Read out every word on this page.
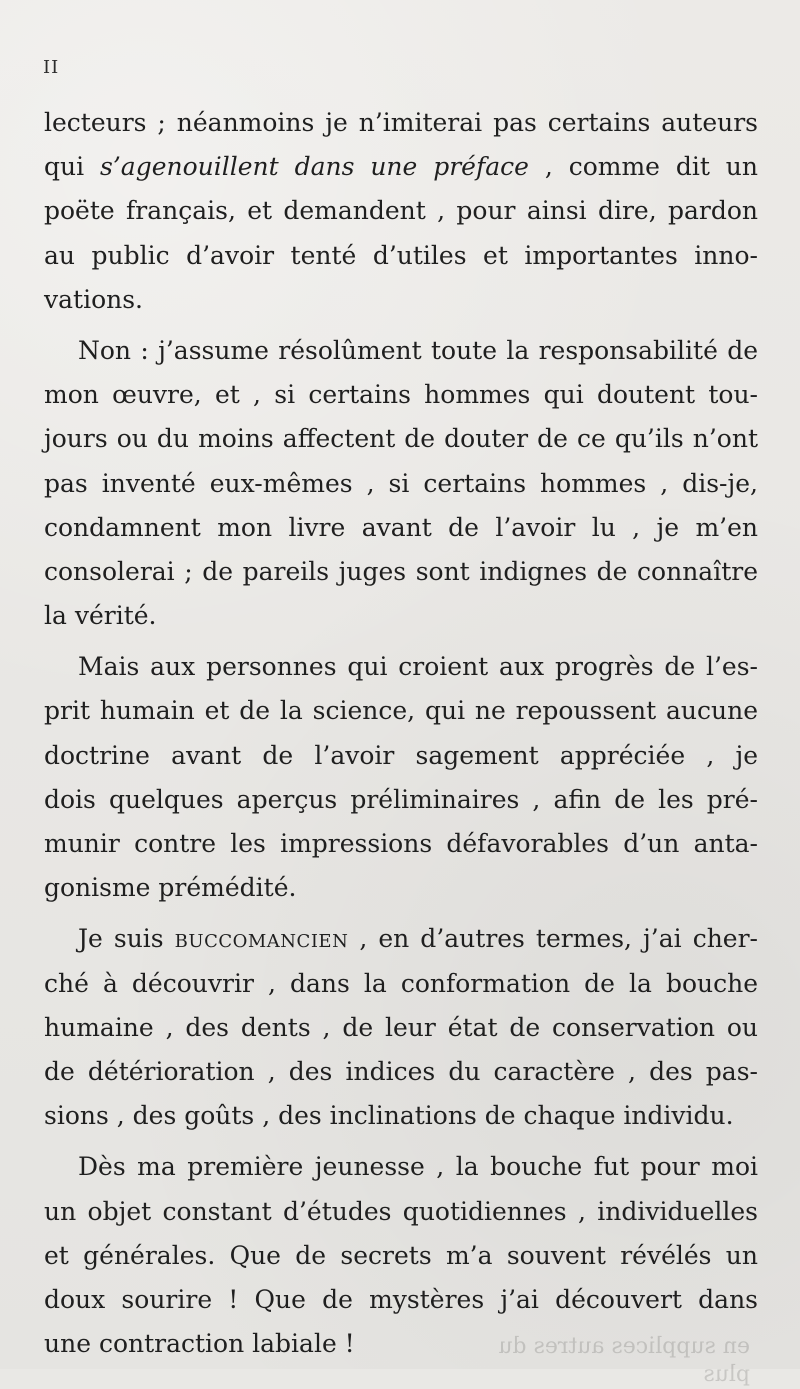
II
lecteurs ; néanmoins je n’imiterai pas certains auteurs
qui s’agenouillent dans une préface , comme dit un
poëte français, et demandent , pour ainsi dire, pardon
au public d’avoir tenté d’utiles et importantes inno-
vations.
Non : j’assume résolûment toute la responsabilité de
mon œuvre, et , si certains hommes qui doutent tou-
jours ou du moins affectent de douter de ce qu’ils n’ont
pas inventé eux-mêmes , si certains hommes , dis-je,
condamnent mon livre avant de l’avoir lu , je m’en
consolerai ; de pareils juges sont indignes de connaître
la vérité.
Mais aux personnes qui croient aux progrès de l’es-
prit humain et de la science, qui ne repoussent aucune
doctrine avant de l’avoir sagement appréciée , je
dois quelques aperçus préliminaires , afin de les pré-
munir contre les impressions défavorables d’un anta-
gonisme prémédité.
Je suis buccomancien , en d’autres termes, j’ai cher-
ché à découvrir , dans la conformation de la bouche
humaine , des dents , de leur état de conservation ou
de détérioration , des indices du caractère , des pas-
sions , des goûts , des inclinations de chaque individu.
Dès ma première jeunesse , la bouche fut pour moi
un objet constant d’études quotidiennes , individuelles
et générales. Que de secrets m’a souvent révélés un
doux sourire ! Que de mystères j’ai découvert dans
une contraction labiale !	en supplices autres du plus
